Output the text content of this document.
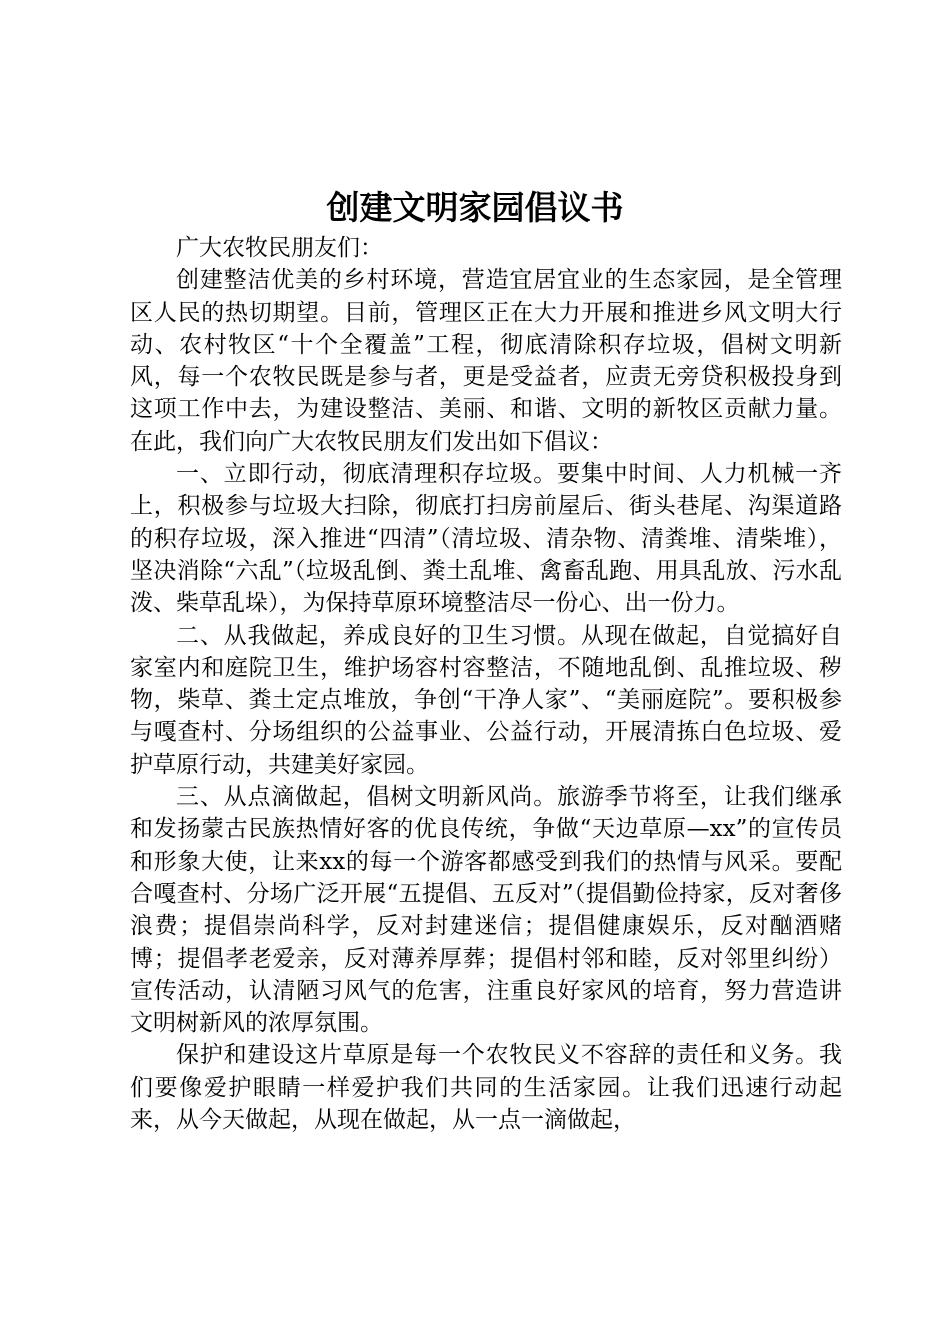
创建文明家园倡议书

广大农牧民朋友们：

创建整洁优美的乡村环境，营造宜居宜业的生态家园，是全管理区人民的热切期望。目前，管理区正在大力开展和推进乡风文明大行动、农村牧区“十个全覆盖”工程，彻底清除积存垃圾，倡树文明新风，每一个农牧民既是参与者，更是受益者，应责无旁贷积极投身到这项工作中去，为建设整洁、美丽、和谐、文明的新牧区贡献力量。在此，我们向广大农牧民朋友们发出如下倡议：

一、立即行动，彻底清理积存垃圾。要集中时间、人力机械一齐上，积极参与垃圾大扫除，彻底打扫房前屋后、街头巷尾、沟渠道路的积存垃圾，深入推进“四清”（清垃圾、清杂物、清粪堆、清柴堆），坚决消除“六乱”（垃圾乱倒、粪土乱堆、禽畜乱跑、用具乱放、污水乱泼、柴草乱垛），为保持草原环境整洁尽一份心、出一份力。

二、从我做起，养成良好的卫生习惯。从现在做起，自觉搞好自家室内和庭院卫生，维护场容村容整洁，不随地乱倒、乱推垃圾、秽物，柴草、粪土定点堆放，争创“干净人家”、“美丽庭院”。要积极参与嘎查村、分场组织的公益事业、公益行动，开展清拣白色垃圾、爱护草原行动，共建美好家园。

三、从点滴做起，倡树文明新风尚。旅游季节将至，让我们继承和发扬蒙古民族热情好客的优良传统，争做“天边草原—xx”的宣传员和形象大使，让来xx的每一个游客都感受到我们的热情与风采。要配合嘎查村、分场广泛开展“五提倡、五反对”（提倡勤俭持家，反对奢侈浪费；提倡崇尚科学，反对封建迷信；提倡健康娱乐，反对酗酒赌博；提倡孝老爱亲，反对薄养厚葬；提倡村邻和睦，反对邻里纠纷）宣传活动，认清陋习风气的危害，注重良好家风的培育，努力营造讲文明树新风的浓厚氛围。

保护和建设这片草原是每一个农牧民义不容辞的责任和义务。我们要像爱护眼睛一样爱护我们共同的生活家园。让我们迅速行动起来，从今天做起，从现在做起，从一点一滴做起，
